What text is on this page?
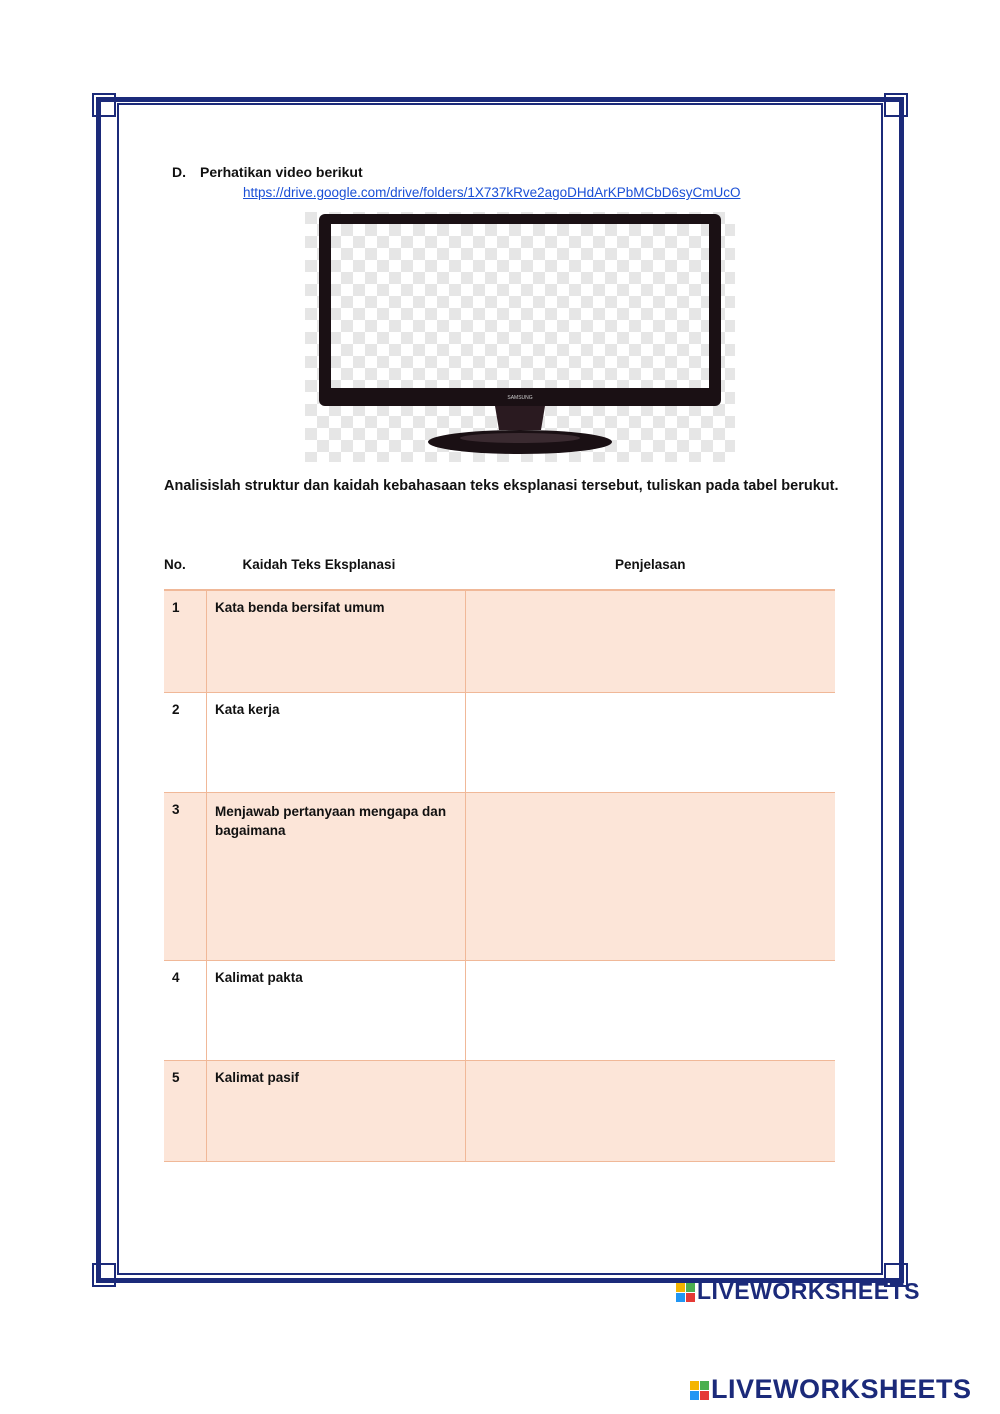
D. Perhatikan video berikut
https://drive.google.com/drive/folders/1X737kRve2agoDHdArKPbMCbD6syCmUcO
SAMSUNG
Analisislah struktur dan kaidah kebahasaan teks eksplanasi tersebut, tuliskan pada tabel berukut.
No.	Kaidah Teks Eksplanasi	Penjelasan
1	Kata benda bersifat umum	
2	Kata kerja	
3	Menjawab pertanyaan mengapa dan bagaimana	
4	Kalimat pakta	
5	Kalimat pasif	
LIVEWORKSHEETS
LIVEWORKSHEETS
